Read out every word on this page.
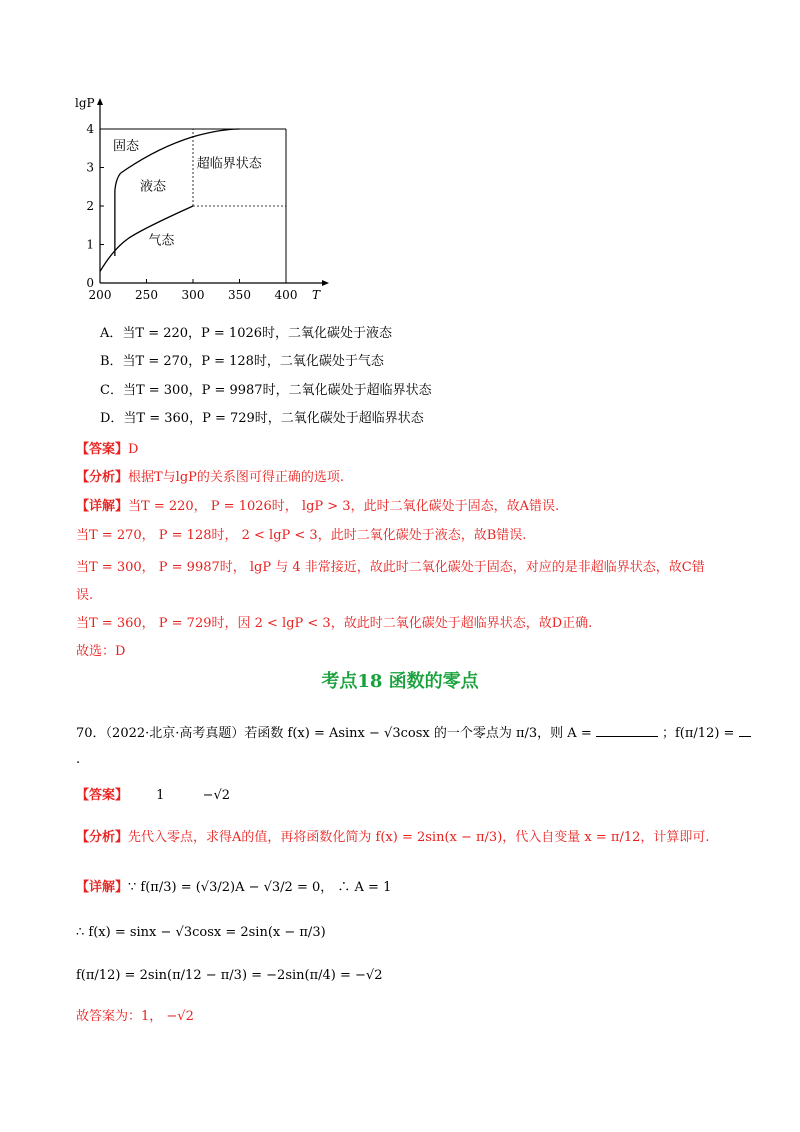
lgP
T
200 250 300 350 400
0
1
2
3
4
固态
液态
气态
超临界状态
A．当T = 220，P = 1026时，二氧化碳处于液态
B．当T = 270，P = 128时，二氧化碳处于气态
C．当T = 300，P = 9987时，二氧化碳处于超临界状态
D．当T = 360，P = 729时，二氧化碳处于超临界状态
【答案】D
【分析】根据T与lgP的关系图可得正确的选项.
【详解】当T = 220， P = 1026时， lgP > 3，此时二氧化碳处于固态，故A错误.
当T = 270， P = 128时， 2 < lgP < 3，此时二氧化碳处于液态，故B错误.
当T = 300， P = 9987时， lgP 与 4 非常接近，故此时二氧化碳处于固态，对应的是非超临界状态，故C错
误.
当T = 360， P = 729时，因 2 < lgP < 3，故此时二氧化碳处于超临界状态，故D正确.
故选：D
考点18 函数的零点
70．（2022·北京·高考真题）若函数 f(x) = Asinx − √3cosx 的一个零点为 π/3，则 A =	；f(π/12) =
.
【答案】 1	−√2
【分析】先代入零点，求得A的值，再将函数化简为 f(x) = 2sin(x − π/3)，代入自变量 x = π/12，计算即可.
【详解】∵ f(π/3) = (√3/2)A − √3/2 = 0， ∴ A = 1
∴ f(x) = sinx − √3cosx = 2sin(x − π/3)
f(π/12) = 2sin(π/12 − π/3) = −2sin(π/4) = −√2
故答案为：1， −√2
